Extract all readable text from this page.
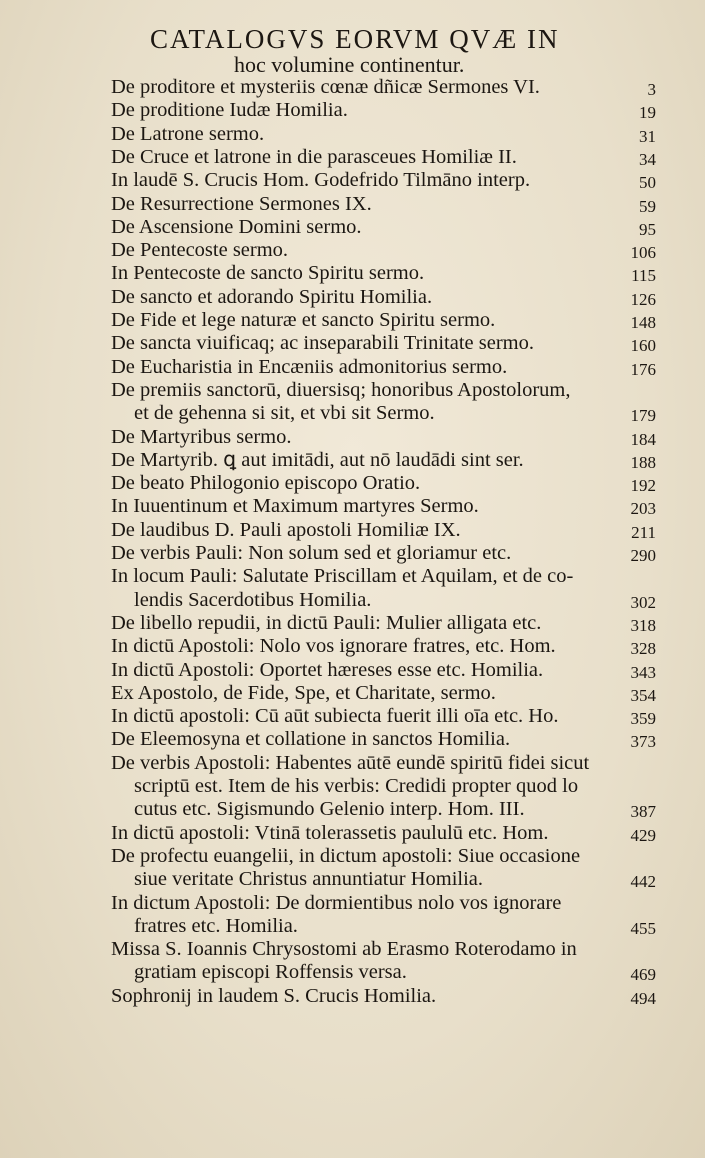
CATALOGVS EORVM QVÆ IN
hoc volumine continentur.
De proditore et mysteriis cœnæ dñicæ Sermones VI.	3
De proditione Iudæ Homilia.	19
De Latrone sermo.	31
De Cruce et latrone in die parasceues Homiliæ II.	34
In laudē S. Crucis Hom. Godefrido Tilmāno interp.	50
De Resurrectione Sermones IX.	59
De Ascensione Domini sermo.	95
De Pentecoste sermo.	106
In Pentecoste de sancto Spiritu sermo.	115
De sancto et adorando Spiritu Homilia.	126
De Fide et lege naturæ et sancto Spiritu sermo.	148
De sancta viuificaq; ac inseparabili Trinitate sermo.	160
De Eucharistia in Encæniis admonitorius sermo.	176
De premiis sanctorū, diuersisq; honoribus Apostolorum,
et de gehenna si sit, et vbi sit Sermo.	179
De Martyribus sermo.	184
De Martyrib. ꝗ aut imitādi, aut nō laudādi sint ser.	188
De beato Philogonio episcopo Oratio.	192
In Iuuentinum et Maximum martyres Sermo.	203
De laudibus D. Pauli apostoli Homiliæ IX.	211
De verbis Pauli: Non solum sed et gloriamur etc.	290
In locum Pauli: Salutate Priscillam et Aquilam, et de co-
lendis Sacerdotibus Homilia.	302
De libello repudii, in dictū Pauli: Mulier alligata etc.	318
In dictū Apostoli: Nolo vos ignorare fratres, etc. Hom.	328
In dictū Apostoli: Oportet hæreses esse etc. Homilia.	343
Ex Apostolo, de Fide, Spe, et Charitate, sermo.	354
In dictū apostoli: Cū aūt subiecta fuerit illi oīa etc. Ho.	359
De Eleemosyna et collatione in sanctos Homilia.	373
De verbis Apostoli: Habentes aūtē eundē spiritū fidei sicut
scriptū est. Item de his verbis: Credidi propter quod lo
cutus etc. Sigismundo Gelenio interp. Hom. III.	387
In dictū apostoli: Vtinā tolerassetis paululū etc. Hom.	429
De profectu euangelii, in dictum apostoli: Siue occasione
siue veritate Christus annuntiatur Homilia.	442
In dictum Apostoli: De dormientibus nolo vos ignorare
fratres etc. Homilia.	455
Missa S. Ioannis Chrysostomi ab Erasmo Roterodamo in
gratiam episcopi Roffensis versa.	469
Sophronij in laudem S. Crucis Homilia.	494
